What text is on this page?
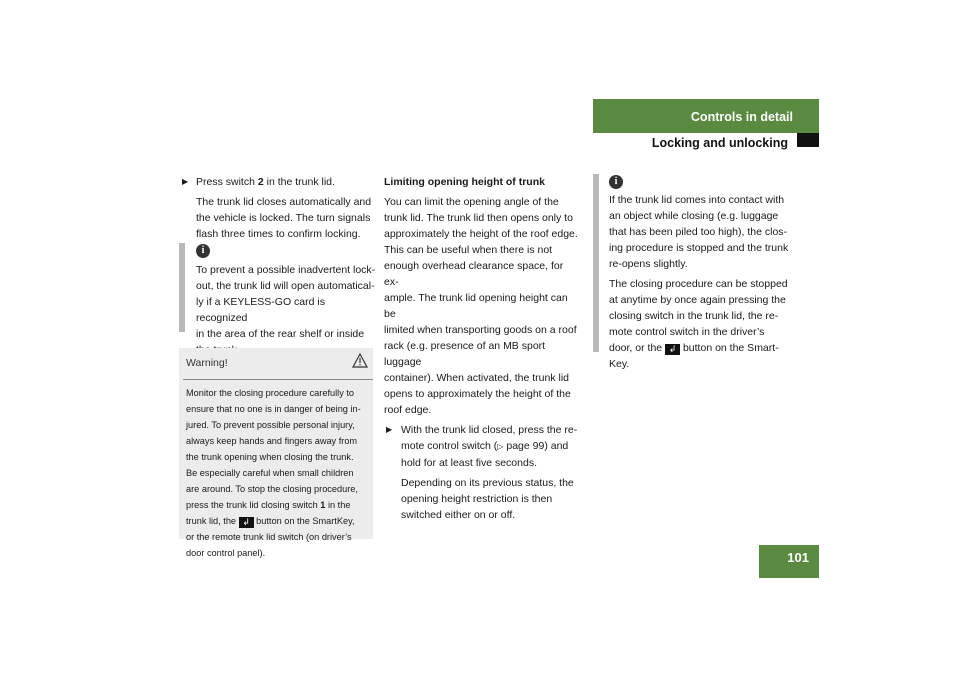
Controls in detail
Locking and unlocking
101
▶ Press switch 2 in the trunk lid.

The trunk lid closes automatically and the vehicle is locked. The turn signals flash three times to confirm locking.

i
To prevent a possible inadvertent lock-
out, the trunk lid will open automatical-
ly if a KEYLESS-GO card is recognized
in the area of the rear shelf or inside
Warning!
Monitor the closing procedure carefully to
ensure that no one is in danger of being in-
jured. To prevent possible personal injury,
always keep hands and fingers away from
the trunk opening when closing the trunk.
Be especially careful when small children
are around. To stop the closing procedure,
press the trunk lid closing switch 1 in the
trunk lid, the ↲ button on the SmartKey,
or the remote trunk lid switch (on driver’s
door control panel).
Limiting opening height of trunk
You can limit the opening angle of the
trunk lid. The trunk lid then opens only to
approximately the height of the roof edge.
This can be useful when there is not
enough overhead clearance space, for ex-
ample. The trunk lid opening height can be
limited when transporting goods on a roof
rack (e.g. presence of an MB sport luggage
container). When activated, the trunk lid
opens to approximately the height of the
roof edge.
▶ With the trunk lid closed, press the re-
mote control switch (▷ page 99) and
hold for at least five seconds.
Depending on its previous status, the
opening height restriction is then
switched either on or off.
i
If the trunk lid comes into contact with
an object while closing (e.g. luggage
that has been piled too high), the clos-
ing procedure is stopped and the trunk
re-opens slightly.
The closing procedure can be stopped
at anytime by once again pressing the
closing switch in the trunk lid, the re-
mote control switch in the driver’s
door, or the ↲ button on the Smart-
Key.
